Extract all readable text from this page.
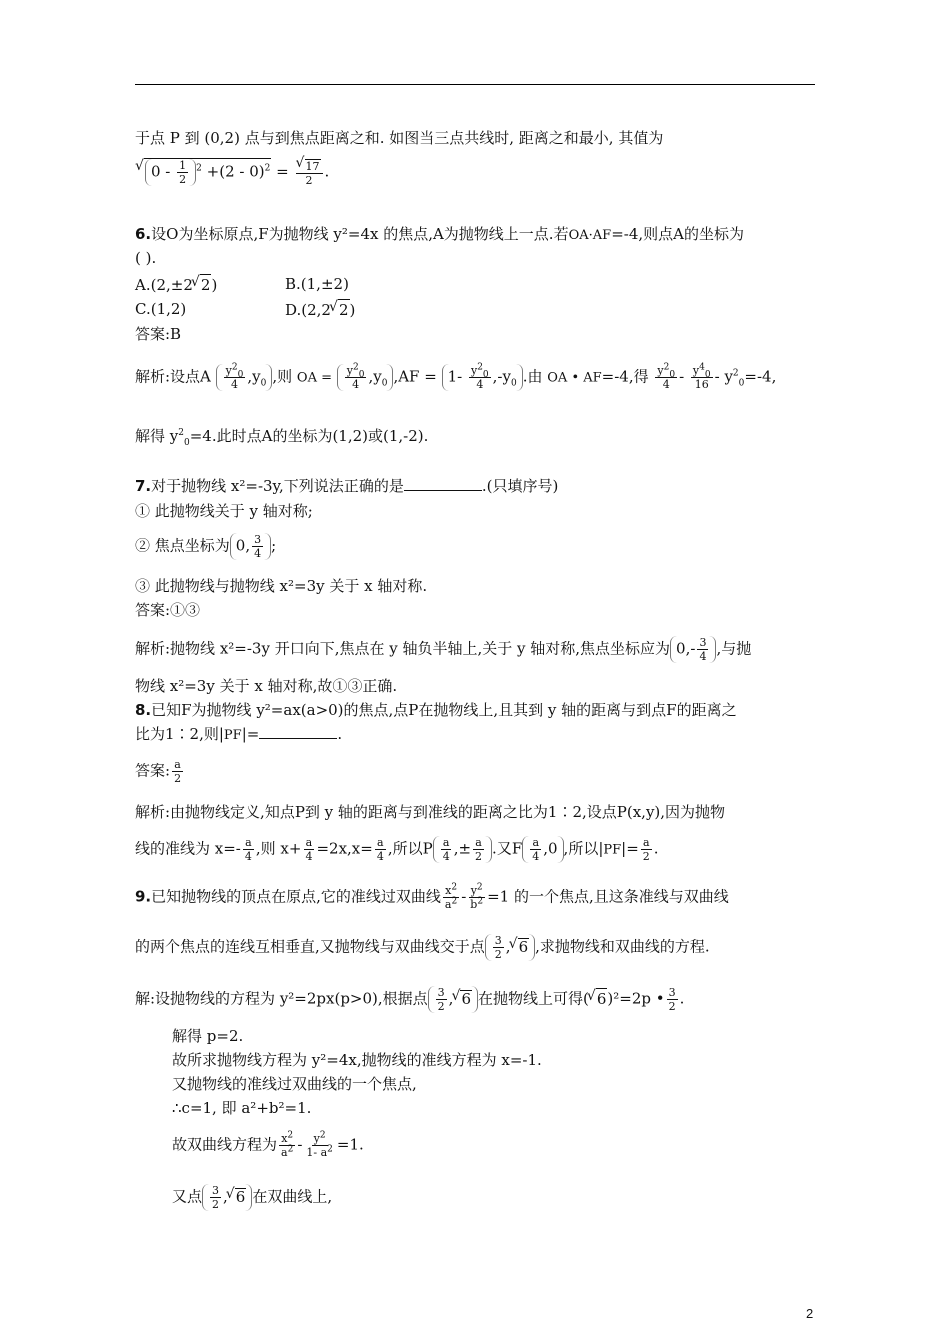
于点 P 到 (0,2) 点与到焦点距离之和. 如图当三点共线时, 距离之和最小, 其值为
√ $0 - \frac{1}{2} ^2 +(2 - 0)^2$ = √ $\frac{17}{2}$ .
6.设O为坐标原点,F为抛物线 y²=4x 的焦点,A为抛物线上一点.若OA·AF=-4,则点A的坐标为
( ).
A.(2,±2 √ 2)	B.(1,±2)
C.(1,2)	D.(2,2 √ 2)
答案:B
解析:设点A $\frac{y^2_0}{4} ,y_0$ ,则 OA = $\frac{y^2_0}{4} ,y_0$ $,AF = 1- \frac{y^2_0}{4} ,-y_0$ .由 OA • AF=-4,得 $\frac{y^2_0}{4} - \frac{y^4_0}{16} - y^2_0=-4$,
解得 $y^2_0=4$.此时点A的坐标为(1,2)或(1,-2).
7.对于抛物线 x²=-3y,下列说法正确的是	.(只填序号)
① 此抛物线关于 y 轴对称;
② 焦点坐标为 0, $\frac{3}{4}$ ;
③ 此抛物线与抛物线 x²=3y 关于 x 轴对称.
答案:①③
解析:抛物线 x²=-3y 开口向下,焦点在 y 轴负半轴上,关于 y 轴对称,焦点坐标应为 $0,- \frac{3}{4}$ ,与抛
物线 x²=3y 关于 x 轴对称,故①③正确.
8.已知F为抛物线 y²=ax(a>0)的焦点,点P在抛物线上,且其到 y 轴的距离与到点F的距离之
比为1∶2,则|PF|=	.
答案: $\frac{a}{2}$
解析:由抛物线定义,知点P到 y 轴的距离与到准线的距离之比为1∶2,设点P(x,y),因为抛物
线的准线为 $x=- \frac{a}{4}$ ,则 $x+ \frac{a}{4} =2x,x= \frac{a}{4}$ ,所以P $\frac{a}{4}$ ,± $\frac{a}{2}$ .又F $\frac{a}{4} ,0$ ,所以$|PF|= \frac{a}{2}$ .
9.已知抛物线的顶点在原点,它的准线过双曲线 $\frac{x^2}{a^2} - \frac{y^2}{b^2} =1$ 的一个焦点,且这条准线与双曲线
的两个焦点的连线互相垂直,又抛物线与双曲线交于点 $\frac{3}{2}$ , √ 6 ,求抛物线和双曲线的方程.
解:设抛物线的方程为 y²=2px(p>0),根据点 $\frac{3}{2}$ , √ 6 在抛物线上可得( √ 6)²=2p • $\frac{3}{2}$ .
解得 p=2.
故所求抛物线方程为 y²=4x,抛物线的准线方程为 x=-1.
又抛物线的准线过双曲线的一个焦点,
∴c=1, 即 a²+b²=1.
故双曲线方程为 $\frac{x^2}{a^2} - \frac{y^2}{1- a^2} =1$.
又点 $\frac{3}{2}$ , √ 6 在双曲线上,
2
